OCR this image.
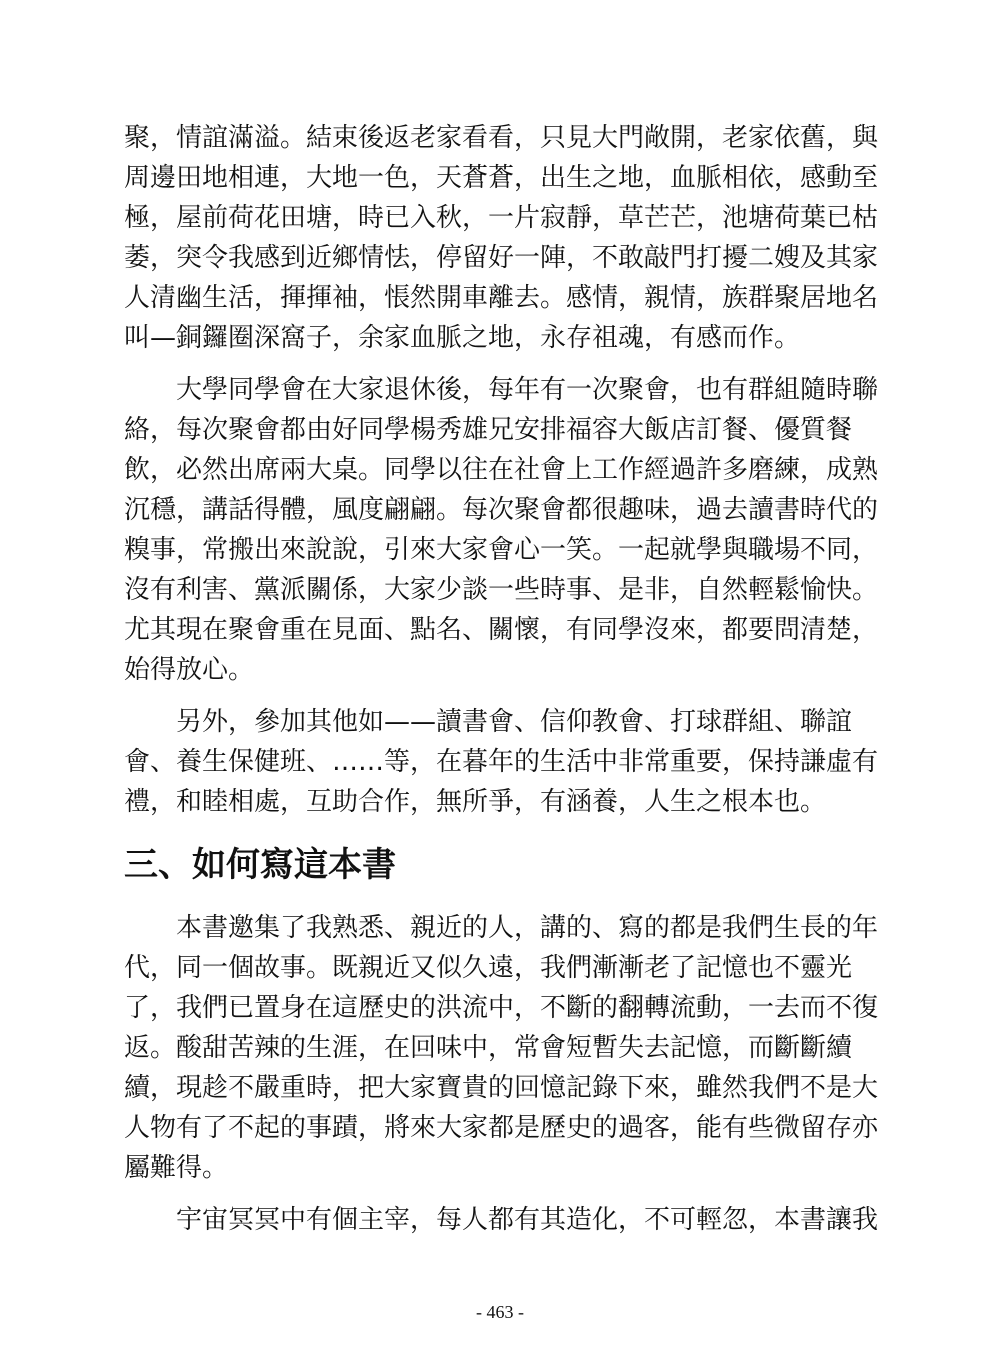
聚，情誼滿溢。結束後返老家看看，只見大門敞開，老家依舊，與
周邊田地相連，大地一色，天蒼蒼，出生之地，血脈相依，感動至
極，屋前荷花田塘，時已入秋，一片寂靜，草芒芒，池塘荷葉已枯
萎，突令我感到近鄉情怯，停留好一陣，不敢敲門打擾二嫂及其家
人清幽生活，揮揮袖，悵然開車離去。感情，親情，族群聚居地名
叫—銅鑼圈深窩子，余家血脈之地，永存祖魂，有感而作。
　　大學同學會在大家退休後，每年有一次聚會，也有群組隨時聯
絡，每次聚會都由好同學楊秀雄兄安排福容大飯店訂餐、優質餐
飲，必然出席兩大桌。同學以往在社會上工作經過許多磨練，成熟
沉穩，講話得體，風度翩翩。每次聚會都很趣味，過去讀書時代的
糗事，常搬出來說說，引來大家會心一笑。一起就學與職場不同，
沒有利害、黨派關係，大家少談一些時事、是非，自然輕鬆愉快。
尤其現在聚會重在見面、點名、關懷，有同學沒來，都要問清楚，
始得放心。
　　另外，參加其他如——讀書會、信仰教會、打球群組、聯誼
會、養生保健班、……等，在暮年的生活中非常重要，保持謙虛有
禮，和睦相處，互助合作，無所爭，有涵養，人生之根本也。
三、如何寫這本書
　　本書邀集了我熟悉、親近的人，講的、寫的都是我們生長的年
代，同一個故事。既親近又似久遠，我們漸漸老了記憶也不靈光
了，我們已置身在這歷史的洪流中，不斷的翻轉流動，一去而不復
返。酸甜苦辣的生涯，在回味中，常會短暫失去記憶，而斷斷續
續，現趁不嚴重時，把大家寶貴的回憶記錄下來，雖然我們不是大
人物有了不起的事蹟，將來大家都是歷史的過客，能有些微留存亦
屬難得。
　　宇宙冥冥中有個主宰，每人都有其造化，不可輕忽，本書讓我
- 463 -
